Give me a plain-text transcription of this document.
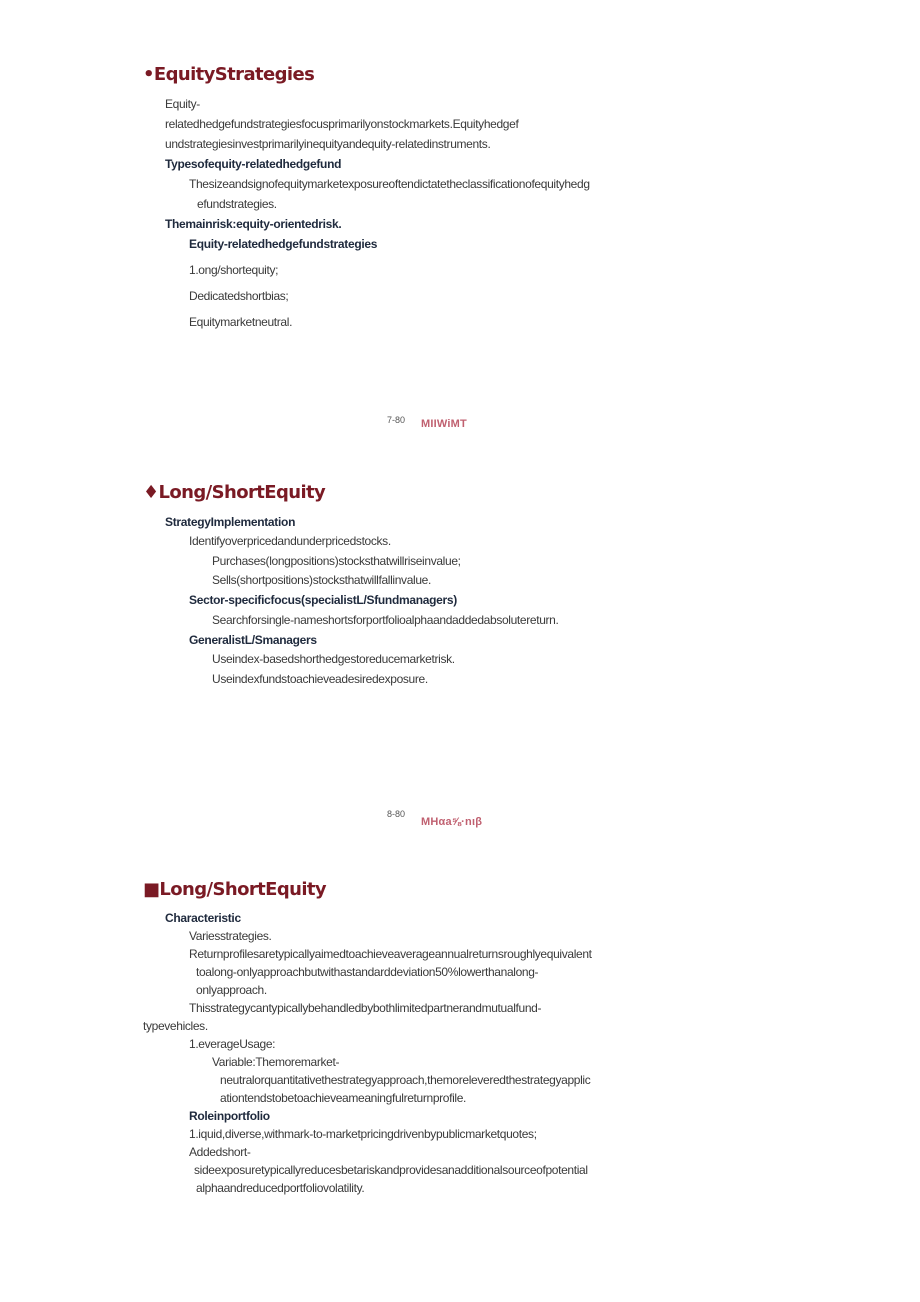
•EquityStrategies
Equity-
relatedhedgefundstrategiesfocusprimarilyonstockmarkets.Equityhedgef
undstrategiesinvestprimarilyinequityandequity-relatedinstruments.
Typesofequity-relatedhedgefund
Thesizeandsignofequitymarketexposureoftendictatetheclassificationofequityhedg
efundstrategies.
Themainrisk:equity-orientedrisk.
Equity-relatedhedgefundstrategies
1.ong/shortequity;
Dedicatedshortbias;
Equitymarketneutral.
7-80 MIIWiMT
♦Long/ShortEquity
StrategyImplementation
Identifyoverpricedandunderpricedstocks.
Purchases(longpositions)stocksthatwillriseinvalue;
Sells(shortpositions)stocksthatwillfallinvalue.
Sector-specificfocus(specialistL/Sfundmanagers)
Searchforsingle-nameshortsforportfolioalphaandaddedabsolutereturn.
GeneralistL/Smanagers
Useindex-basedshorthedgestoreducemarketrisk.
Useindexfundstoachieveadesiredexposure.
8-80
MHαa⅝·nιβ
■Long/ShortEquity
Characteristic
Variesstrategies.
Returnprofilesaretypicallyaimedtoachieveaverageannualreturnsroughlyequivalent
toalong-onlyapproachbutwithastandarddeviation50%lowerthanalong-
onlyapproach.
Thisstrategycantypicallybehandledbybothlimitedpartnerandmutualfund-
typevehicles.
1.everageUsage:
Variable:Themoremarket-
neutralorquantitativethestrategyapproach,themoreleveredthestrategyapplic
ationtendstobetoachieveameaningfulreturnprofile.
Roleinportfolio
1.iquid,diverse,withmark-to-marketpricingdrivenbypublicmarketquotes;
Addedshort-
sideexposuretypicallyreducesbetariskandprovidesanadditionalsourceofpotential
alphaandreducedportfoliovolatility.
